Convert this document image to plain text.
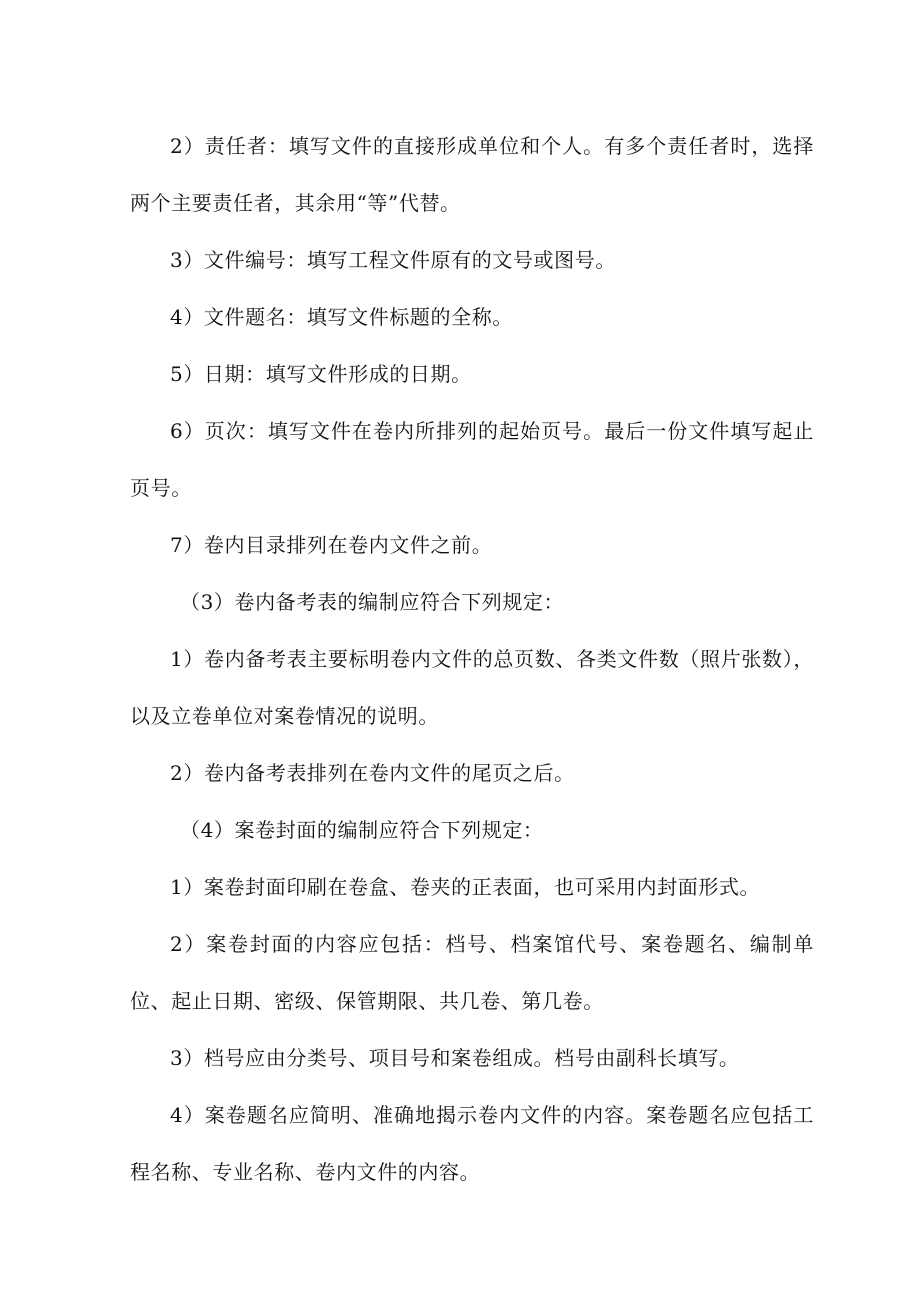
2）责任者：填写文件的直接形成单位和个人。有多个责任者时，选择两个主要责任者，其余用“等”代替。

3）文件编号：填写工程文件原有的文号或图号。

4）文件题名：填写文件标题的全称。

5）日期：填写文件形成的日期。

6）页次：填写文件在卷内所排列的起始页号。最后一份文件填写起止页号。

7）卷内目录排列在卷内文件之前。

（3）卷内备考表的编制应符合下列规定：

1）卷内备考表主要标明卷内文件的总页数、各类文件数（照片张数），以及立卷单位对案卷情况的说明。

2）卷内备考表排列在卷内文件的尾页之后。

（4）案卷封面的编制应符合下列规定：

1）案卷封面印刷在卷盒、卷夹的正表面，也可采用内封面形式。

2）案卷封面的内容应包括：档号、档案馆代号、案卷题名、编制单位、起止日期、密级、保管期限、共几卷、第几卷。

3）档号应由分类号、项目号和案卷组成。档号由副科长填写。

4）案卷题名应简明、准确地揭示卷内文件的内容。案卷题名应包括工程名称、专业名称、卷内文件的内容。
